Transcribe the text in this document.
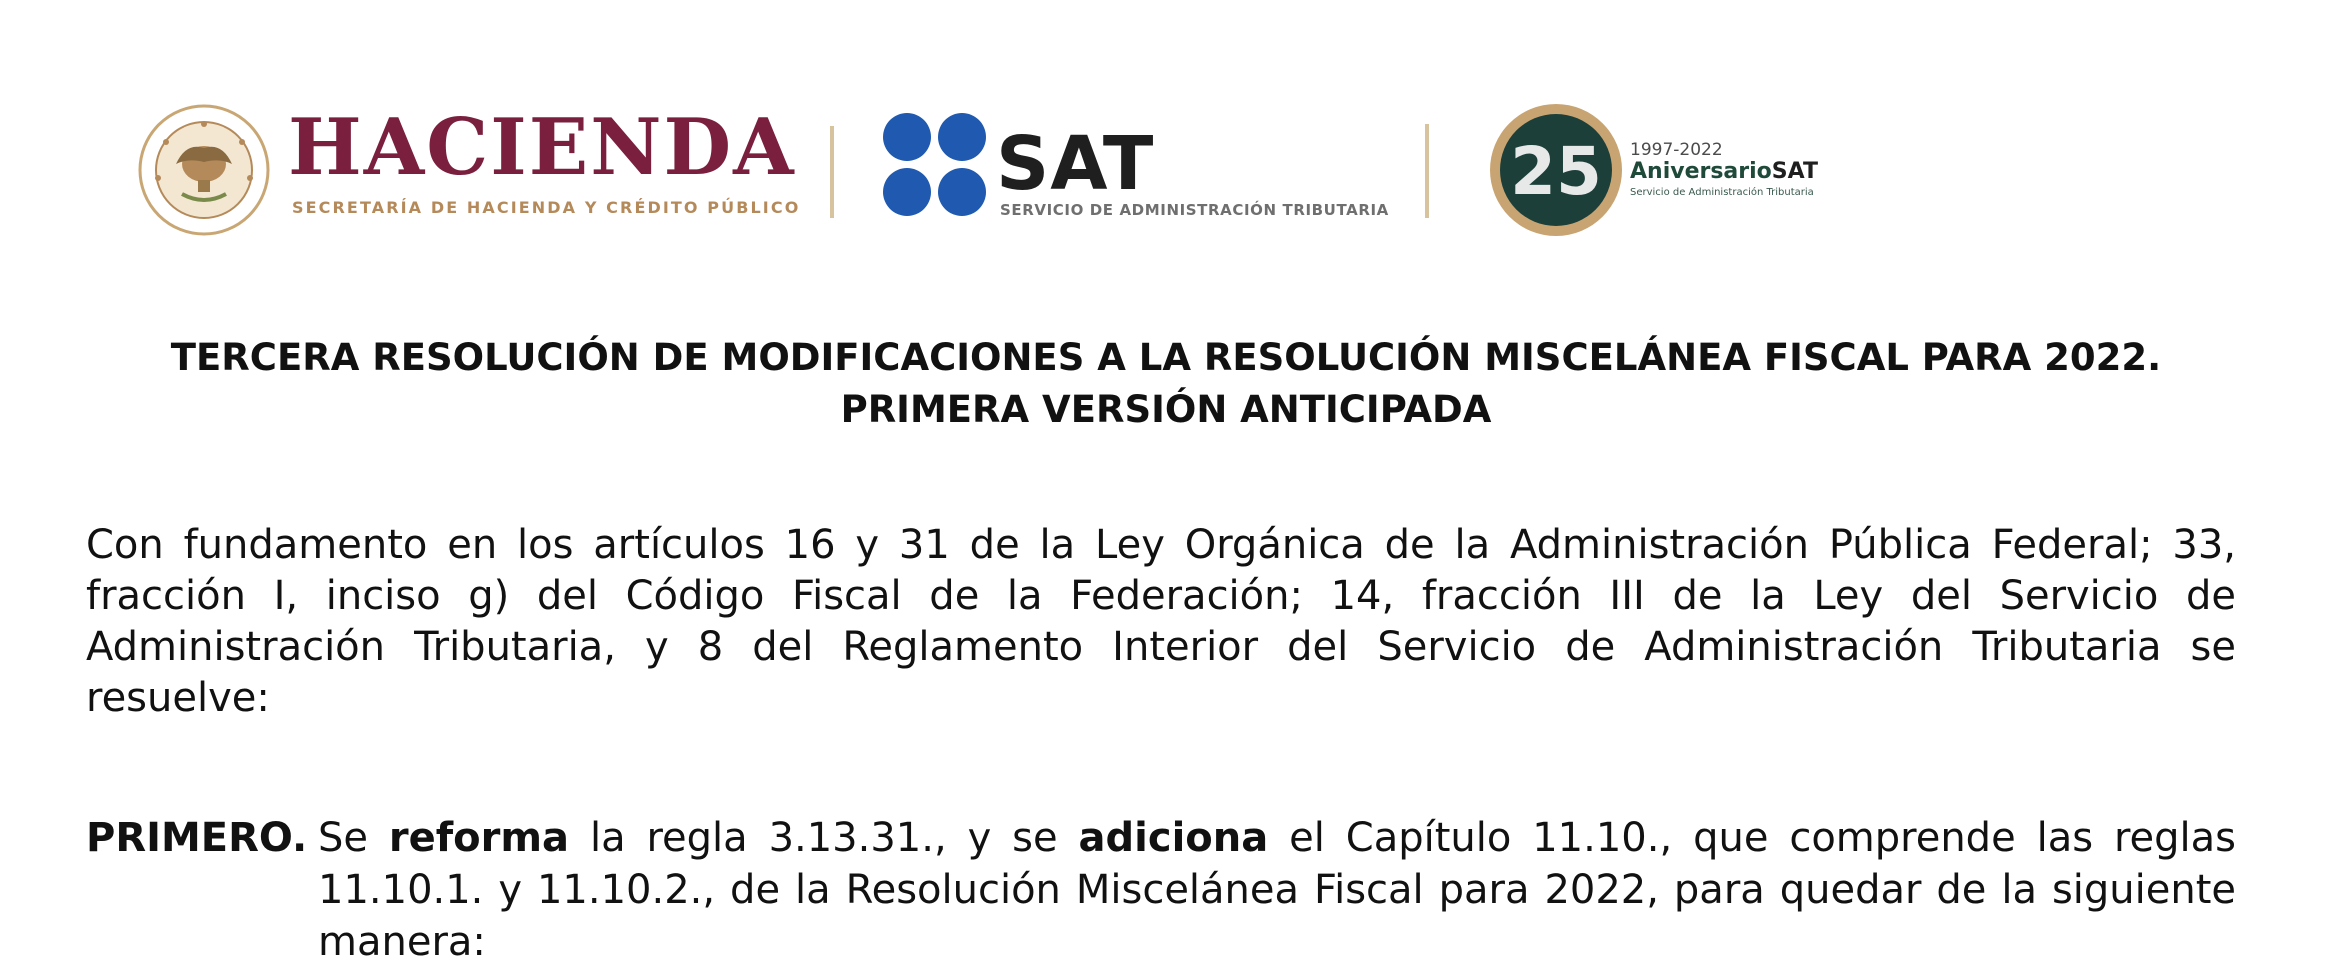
HACIENDA
SECRETARÍA DE HACIENDA Y CRÉDITO PÚBLICO
SAT
SERVICIO DE ADMINISTRACIÓN TRIBUTARIA 25 1997-2022
AniversarioSAT
Servicio de Administración Tributaria
TERCERA RESOLUCIÓN DE MODIFICACIONES A LA RESOLUCIÓN MISCELÁNEA FISCAL PARA 2022.
PRIMERA VERSIÓN ANTICIPADA

Con fundamento en los artículos 16 y 31 de la Ley Orgánica de la Administración Pública Federal; 33, fracción I, inciso g) del Código Fiscal de la Federación; 14, fracción III de la Ley del Servicio de Administración Tributaria, y 8 del Reglamento Interior del Servicio de Administración Tributaria se resuelve:

PRIMERO. Se reforma la regla 3.13.31., y se adiciona el Capítulo 11.10., que comprende las reglas 11.10.1. y 11.10.2., de la Resolución Miscelánea Fiscal para 2022, para quedar de la siguiente manera:
